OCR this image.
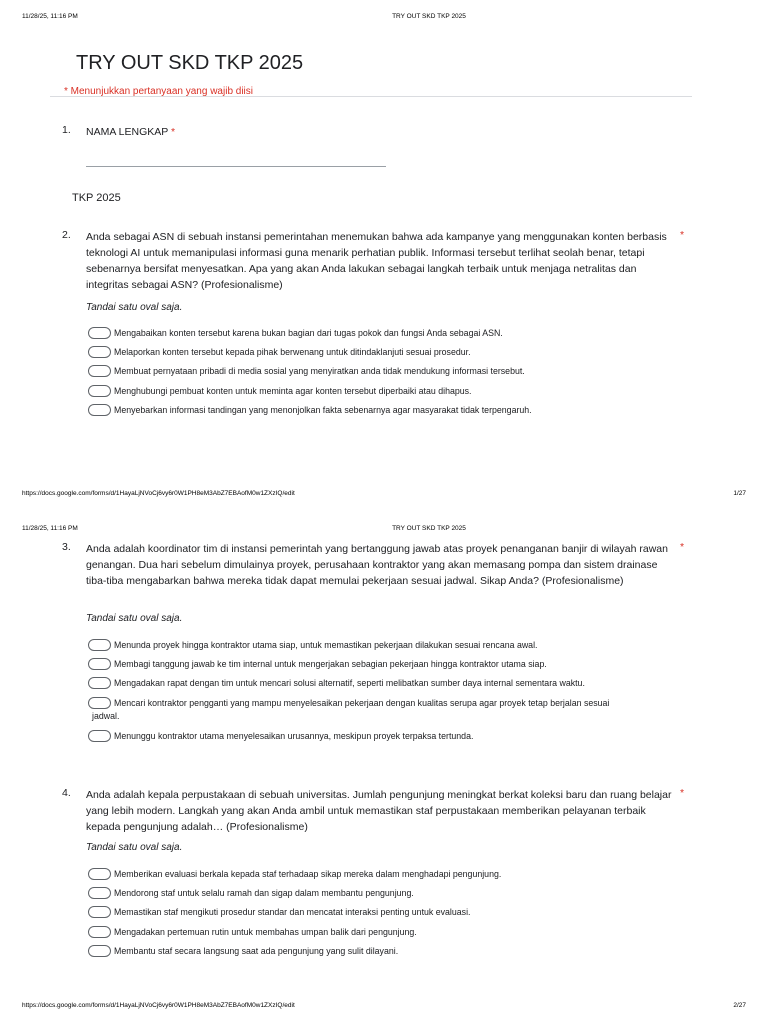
11/28/25, 11:16 PM	TRY OUT SKD TKP 2025
TRY OUT SKD TKP 2025
* Menunjukkan pertanyaan yang wajib diisi
1. NAMA LENGKAP *
TKP 2025
2. Anda sebagai ASN di sebuah instansi pemerintahan menemukan bahwa ada kampanye yang menggunakan konten berbasis teknologi AI untuk memanipulasi informasi guna menarik perhatian publik. Informasi tersebut terlihat seolah benar, tetapi sebenarnya bersifat menyesatkan. Apa yang akan Anda lakukan sebagai langkah terbaik untuk menjaga netralitas dan integritas sebagai ASN? (Profesionalisme)
*
Tandai satu oval saja.
Mengabaikan konten tersebut karena bukan bagian dari tugas pokok dan fungsi Anda sebagai ASN.
Melaporkan konten tersebut kepada pihak berwenang untuk ditindaklanjuti sesuai prosedur.
Membuat pernyataan pribadi di media sosial yang menyiratkan anda tidak mendukung informasi tersebut.
Menghubungi pembuat konten untuk meminta agar konten tersebut diperbaiki atau dihapus.
Menyebarkan informasi tandingan yang menonjolkan fakta sebenarnya agar masyarakat tidak terpengaruh.
https://docs.google.com/forms/d/1HayaLjNVoCj6vy6r0W1PH8eM3AbZ7EBAofM0w1ZXzIQ/edit	1/27
11/28/25, 11:16 PM	TRY OUT SKD TKP 2025
3. Anda adalah koordinator tim di instansi pemerintah yang bertanggung jawab atas proyek penanganan banjir di wilayah rawan genangan. Dua hari sebelum dimulainya proyek, perusahaan kontraktor yang akan memasang pompa dan sistem drainase tiba-tiba mengabarkan bahwa mereka tidak dapat memulai pekerjaan sesuai jadwal. Sikap Anda? (Profesionalisme)
*
Tandai satu oval saja.
Menunda proyek hingga kontraktor utama siap, untuk memastikan pekerjaan dilakukan sesuai rencana awal.
Membagi tanggung jawab ke tim internal untuk mengerjakan sebagian pekerjaan hingga kontraktor utama siap.
Mengadakan rapat dengan tim untuk mencari solusi alternatif, seperti melibatkan sumber daya internal sementara waktu.
Mencari kontraktor pengganti yang mampu menyelesaikan pekerjaan dengan kualitas serupa agar proyek tetap berjalan sesuai
jadwal.
Menunggu kontraktor utama menyelesaikan urusannya, meskipun proyek terpaksa tertunda.
4. Anda adalah kepala perpustakaan di sebuah universitas. Jumlah pengunjung meningkat berkat koleksi baru dan ruang belajar yang lebih modern. Langkah yang akan Anda ambil untuk memastikan staf perpustakaan memberikan pelayanan terbaik kepada pengunjung adalah… (Profesionalisme)
*
Tandai satu oval saja.
Memberikan evaluasi berkala kepada staf terhadaap sikap mereka dalam menghadapi pengunjung.
Mendorong staf untuk selalu ramah dan sigap dalam membantu pengunjung.
Memastikan staf mengikuti prosedur standar dan mencatat interaksi penting untuk evaluasi.
Mengadakan pertemuan rutin untuk membahas umpan balik dari pengunjung.
Membantu staf secara langsung saat ada pengunjung yang sulit dilayani.
https://docs.google.com/forms/d/1HayaLjNVoCj6vy6r0W1PH8eM3AbZ7EBAofM0w1ZXzIQ/edit	2/27
